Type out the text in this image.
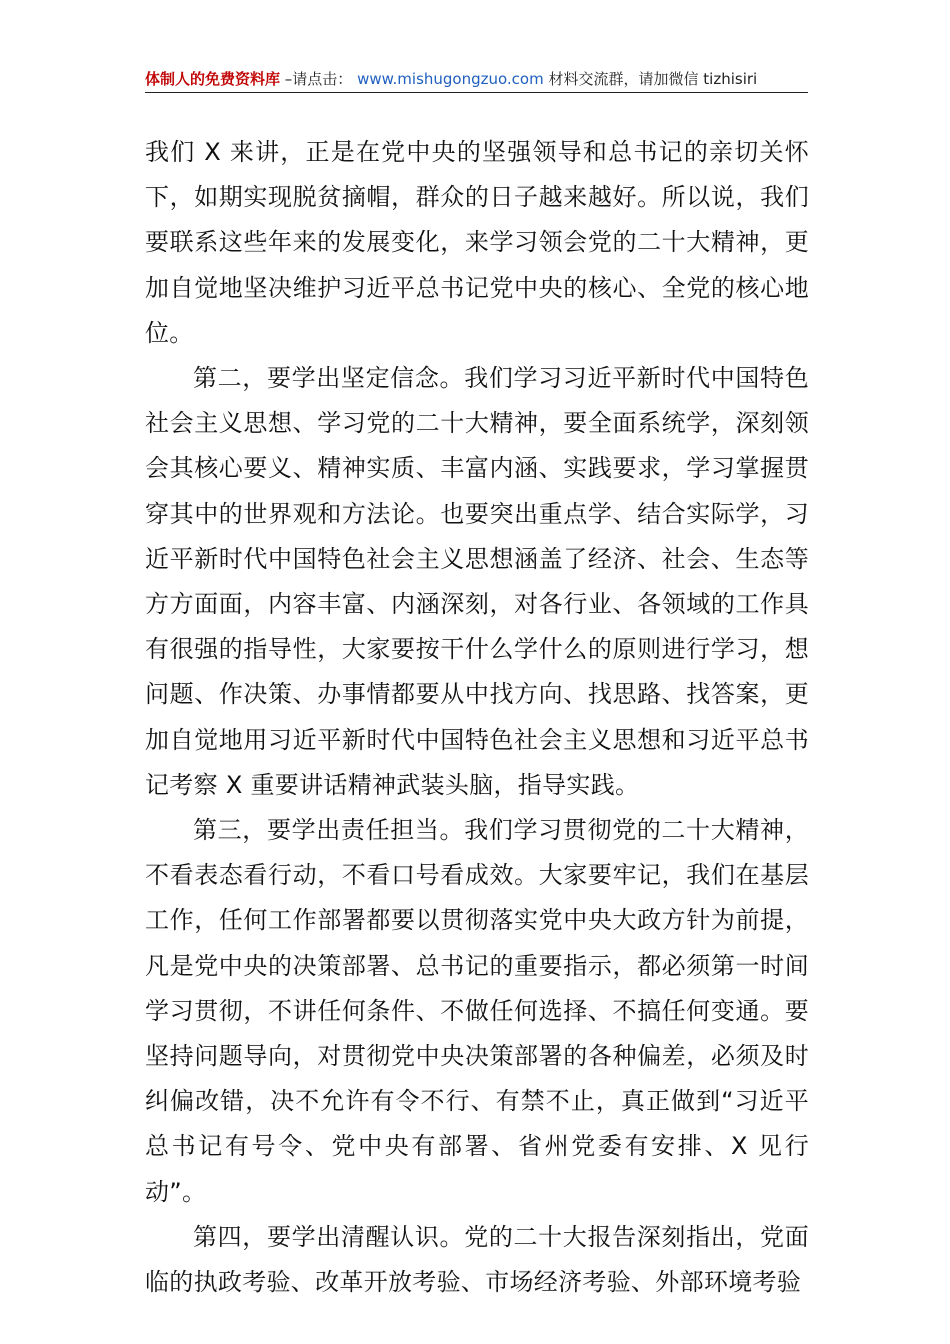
体制人的免费资料库 –请点击： www.mishugongzuo.com 材料交流群，请加微信 tizhisiri

我们 X 来讲，正是在党中央的坚强领导和总书记的亲切关怀下，如期实现脱贫摘帽，群众的日子越来越好。所以说，我们要联系这些年来的发展变化，来学习领会党的二十大精神，更加自觉地坚决维护习近平总书记党中央的核心、全党的核心地位。

第二，要学出坚定信念。我们学习习近平新时代中国特色社会主义思想、学习党的二十大精神，要全面系统学，深刻领会其核心要义、精神实质、丰富内涵、实践要求，学习掌握贯穿其中的世界观和方法论。也要突出重点学、结合实际学，习近平新时代中国特色社会主义思想涵盖了经济、社会、生态等方方面面，内容丰富、内涵深刻，对各行业、各领域的工作具有很强的指导性，大家要按干什么学什么的原则进行学习，想问题、作决策、办事情都要从中找方向、找思路、找答案，更加自觉地用习近平新时代中国特色社会主义思想和习近平总书记考察 X 重要讲话精神武装头脑，指导实践。

第三，要学出责任担当。我们学习贯彻党的二十大精神，不看表态看行动，不看口号看成效。大家要牢记，我们在基层工作，任何工作部署都要以贯彻落实党中央大政方针为前提，凡是党中央的决策部署、总书记的重要指示，都必须第一时间学习贯彻，不讲任何条件、不做任何选择、不搞任何变通。要坚持问题导向，对贯彻党中央决策部署的各种偏差，必须及时纠偏改错，决不允许有令不行、有禁不止，真正做到“习近平总书记有号令、党中央有部署、省州党委有安排、X 见行动”。

第四，要学出清醒认识。党的二十大报告深刻指出，党面临的执政考验、改革开放考验、市场经济考验、外部环境考验
